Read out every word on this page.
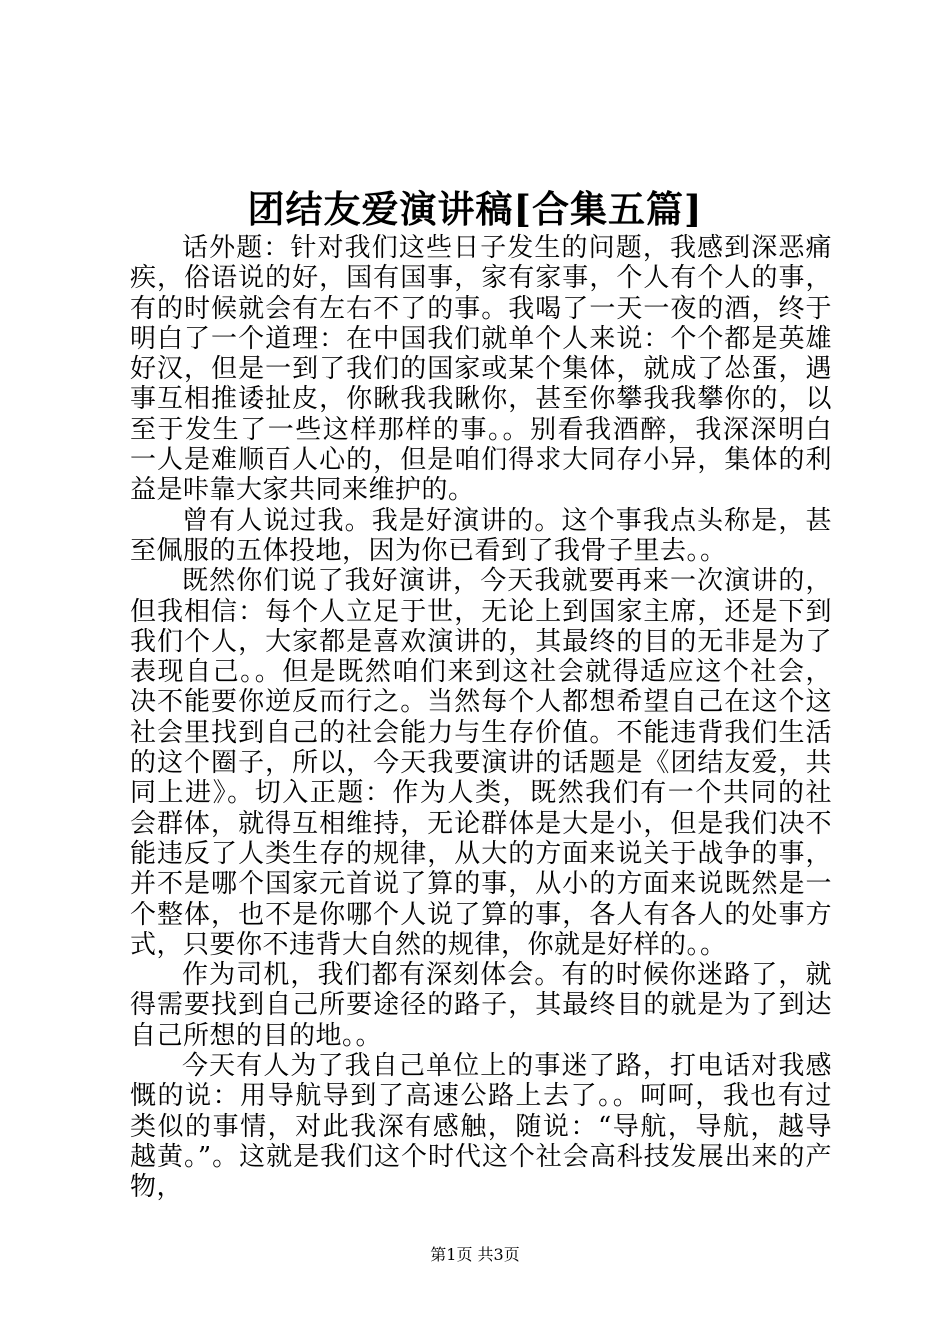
团结友爱演讲稿[合集五篇]

话外题：针对我们这些日子发生的问题，我感到深恶痛疾，俗语说的好，国有国事，家有家事，个人有个人的事，有的时候就会有左右不了的事。我喝了一天一夜的酒，终于明白了一个道理：在中国我们就单个人来说：个个都是英雄好汉，但是一到了我们的国家或某个集体，就成了怂蛋，遇事互相推诿扯皮，你瞅我我瞅你，甚至你攀我我攀你的，以至于发生了一些这样那样的事。。别看我酒醉，我深深明白一人是难顺百人心的，但是咱们得求大同存小异，集体的利益是咔靠大家共同来维护的。

曾有人说过我。我是好演讲的。这个事我点头称是，甚至佩服的五体投地，因为你已看到了我骨子里去。。

既然你们说了我好演讲，今天我就要再来一次演讲的，但我相信：每个人立足于世，无论上到国家主席，还是下到我们个人，大家都是喜欢演讲的，其最终的目的无非是为了表现自己。。但是既然咱们来到这社会就得适应这个社会，决不能要你逆反而行之。当然每个人都想希望自己在这个这社会里找到自己的社会能力与生存价值。不能违背我们生活的这个圈子，所以，今天我要演讲的话题是《团结友爱，共同上进》。切入正题：作为人类，既然我们有一个共同的社会群体，就得互相维持，无论群体是大是小，但是我们决不能违反了人类生存的规律，从大的方面来说关于战争的事，并不是哪个国家元首说了算的事，从小的方面来说既然是一个整体，也不是你哪个人说了算的事，各人有各人的处事方式，只要你不违背大自然的规律，你就是好样的。。

作为司机，我们都有深刻体会。有的时候你迷路了，就得需要找到自己所要途径的路子，其最终目的就是为了到达自己所想的目的地。。

今天有人为了我自己单位上的事迷了路，打电话对我感慨的说：用导航导到了高速公路上去了。。呵呵，我也有过类似的事情，对此我深有感触，随说：“导航，导航，越导越黄。”。这就是我们这个时代这个社会高科技发展出来的产物，

第1页 共3页
